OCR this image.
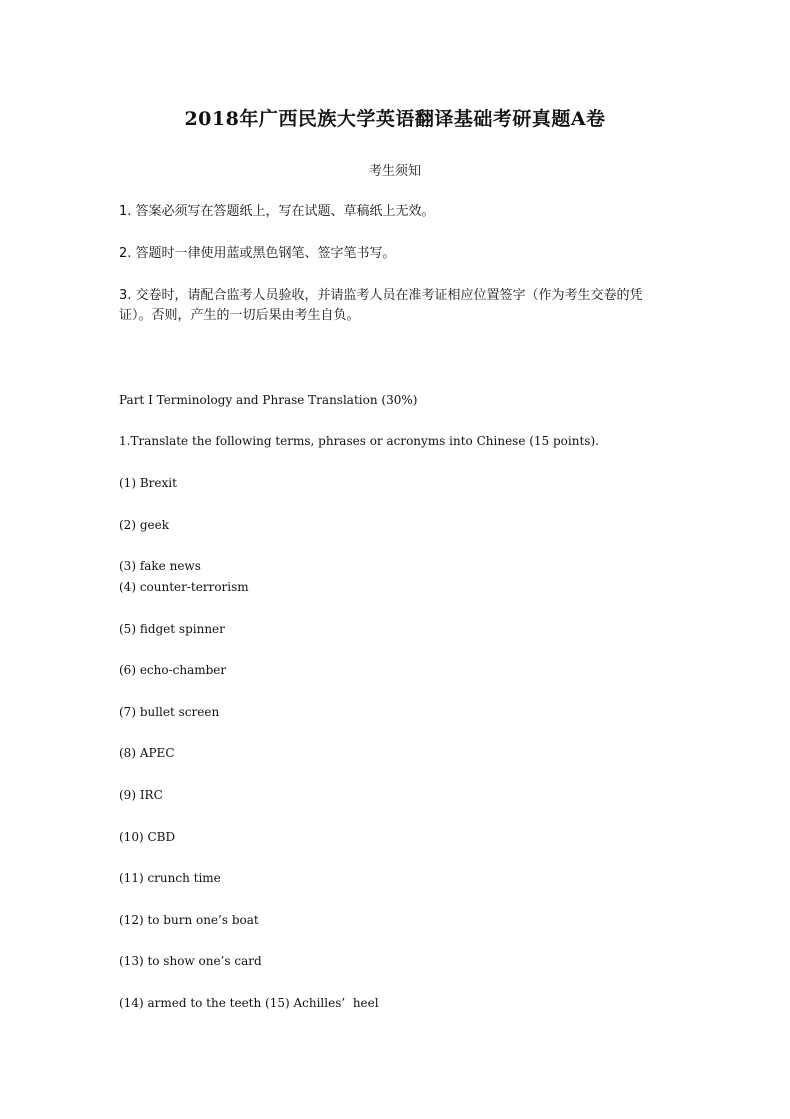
2018年广西民族大学英语翻译基础考研真题A卷
考生须知
1. 答案必须写在答题纸上，写在试题、草稿纸上无效。
2. 答题时一律使用蓝或黑色钢笔、签字笔书写。
3. 交卷时，请配合监考人员验收，并请监考人员在准考证相应位置签字（作为考生交卷的凭证）。否则，产生的一切后果由考生自负。
Part I Terminology and Phrase Translation (30%)
1.Translate the following terms, phrases or acronyms into Chinese (15 points).
(1) Brexit
(2) geek
(3) fake news
(4) counter-terrorism
(5) fidget spinner
(6) echo-chamber
(7) bullet screen
(8) APEC
(9) IRC
(10) CBD
(11) crunch time
(12) to burn one’s boat
(13) to show one’s card
(14) armed to the teeth (15) Achilles’  heel
